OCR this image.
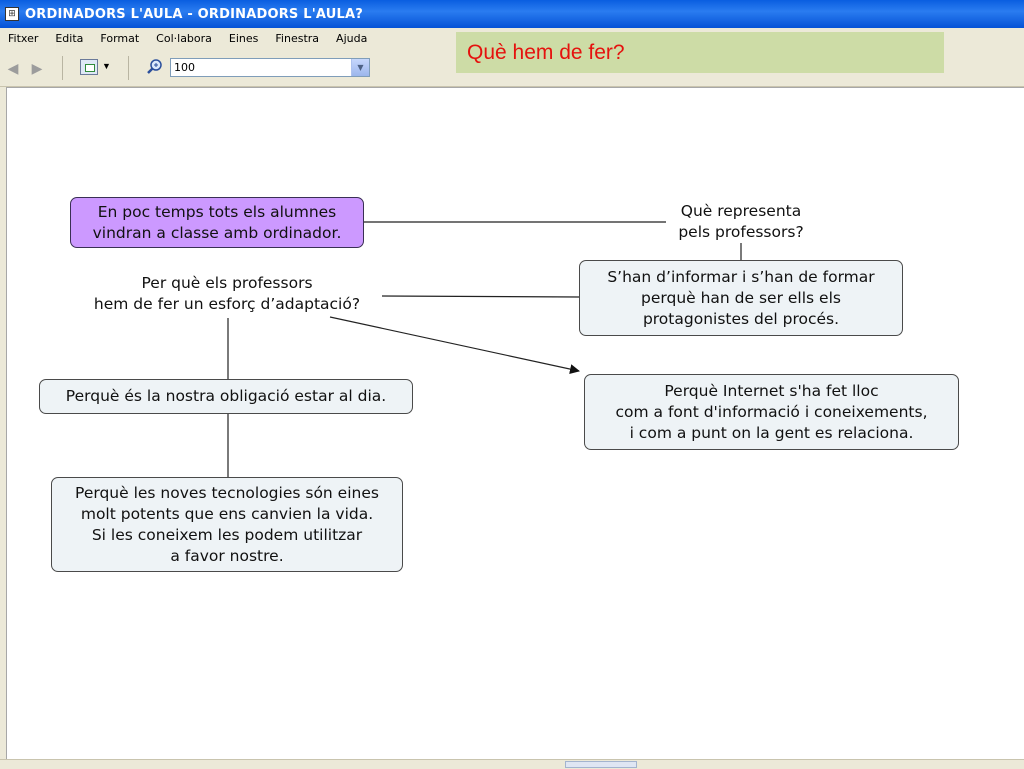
⊞ ORDINADORS L'AULA - ORDINADORS L'AULA?
Fitxer	Edita	Format	Col·labora	Eines	Finestra	Ajuda
◀ ▶	▼	100	▼
Què hem de fer?
En poc temps tots els alumnes
vindran a classe amb ordinador.
Què representa
pels professors?
S’han d’informar i s’han de formar
perquè han de ser ells els
protagonistes del procés.
Per què els professors
hem de fer un esforç d’adaptació?
Perquè és la nostra obligació estar al dia.	Perquè Internet s'ha fet lloc
com a font d'informació i coneixements,
i com a punt on la gent es relaciona.
Perquè les noves tecnologies són eines
molt potents que ens canvien la vida.
Si les coneixem les podem utilitzar
a favor nostre.
